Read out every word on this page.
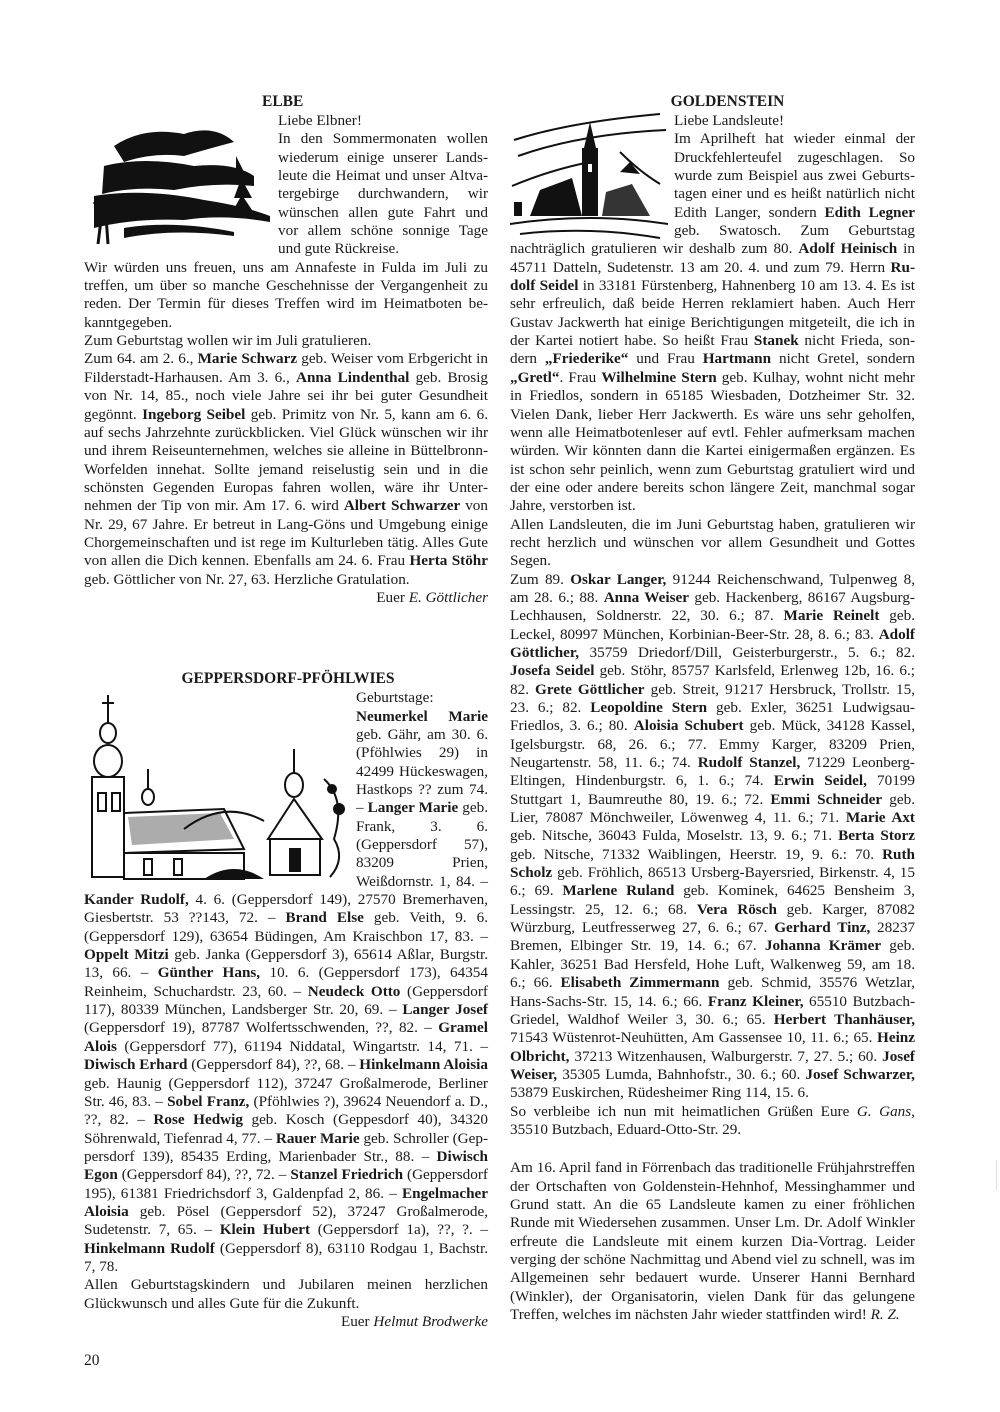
ELBE

Liebe Elbner!

In den Sommermonaten wollen wiederum einige unserer Landsleute die Heimat und unser Altvatergebirge durchwandern, wir wünschen allen gute Fahrt und vor allem schöne sonnige Tage und gute Rückreise.

Wir würden uns freuen, uns am Annafeste in Fulda im Juli zu treffen, um über so manche Geschehnisse der Vergangenheit zu reden. Der Termin für dieses Treffen wird im Heimatboten bekanntgegeben.

Zum Geburtstag wollen wir im Juli gratulieren.

Zum 64. am 2. 6., Marie Schwarz geb. Weiser vom Erbgericht in Filderstadt-Harhausen. Am 3. 6., Anna Lindenthal geb. Brosig von Nr. 14, 85., noch viele Jahre sei ihr bei guter Gesundheit gegönnt. Ingeborg Seibel geb. Primitz von Nr. 5, kann am 6. 6. auf sechs Jahrzehnte zurückblicken. Viel Glück wünschen wir ihr und ihrem Reiseunternehmen, welches sie alleine in Büttelbronn-Worfelden innehat. Sollte jemand reiselustig sein und in die schönsten Gegenden Europas fahren wollen, wäre ihr Unternehmen der Tip von mir. Am 17. 6. wird Albert Schwarzer von Nr. 29, 67 Jahre. Er betreut in Lang-Göns und Umgebung einige Chorgemeinschaften und ist rege im Kulturleben tätig. Alles Gute von allen die Dich kennen. Ebenfalls am 24. 6. Frau Herta Stöhr geb. Göttlicher von Nr. 27, 63. Herzliche Gratulation.

Euer E. Göttlicher

GEPPERSDORF-PFÖHLWIES

Geburtstage:

Neumerkel Marie geb. Gähr, am 30. 6. (Pföhlwies 29) in 42499 Hückeswagen, Hastkops ?? zum 74. – Langer Marie geb. Frank, 3. 6. (Geppersdorf 57), 83209 Prien, Weißdornstr. 1, 84. – Kander Rudolf, 4. 6. (Geppersdorf 149), 27570 Bremerhaven, Giesbertstr. 53 ??143, 72. – Brand Else geb. Veith, 9. 6. (Geppersdorf 129), 63654 Büdingen, Am Kraischbon 17, 83. – Oppelt Mitzi geb. Janka (Geppersdorf 3), 65614 Aßlar, Burgstr. 13, 66. – Günther Hans, 10. 6. (Geppersdorf 173), 64354 Reinheim, Schuchardstr. 23, 60. – Neudeck Otto (Geppersdorf 117), 80339 München, Landsberger Str. 20, 69. – Langer Josef (Geppersdorf 19), 87787 Wolfertsschwenden, ??, 82. – Gramel Alois (Geppersdorf 77), 61194 Niddatal, Wingartstr. 14, 71. – Diwisch Erhard (Geppersdorf 84), ??, 68. – Hinkelmann Aloisia geb. Haunig (Geppersdorf 112), 37247 Großalmerode, Berliner Str. 46, 83. – Sobel Franz, (Pföhlwies ?), 39624 Neuendorf a. D., ??, 82. – Rose Hedwig geb. Kosch (Geppesdorf 40), 34320 Söhrenwald, Tiefenrad 4, 77. – Rauer Marie geb. Schroller (Geppersdorf 139), 85435 Erding, Marienbader Str., 88. – Diwisch Egon (Geppersdorf 84), ??, 72. – Stanzel Friedrich (Geppersdorf 195), 61381 Friedrichsdorf 3, Galdenpfad 2, 86. – Engelmacher Aloisia geb. Pösel (Geppersdorf 52), 37247 Großalmerode, Sudetenstr. 7, 65. – Klein Hubert (Geppersdorf 1a), ??, ?. – Hinkelmann Rudolf (Geppersdorf 8), 63110 Rodgau 1, Bachstr. 7, 78.

Allen Geburtstagskindern und Jubilaren meinen herzlichen Glückwunsch und alles Gute für die Zukunft.

Euer Helmut Brodwerke

GOLDENSTEIN

Liebe Landsleute!

Im Aprilheft hat wieder einmal der Druckfehlerteufel zugeschlagen. So wurde zum Beispiel aus zwei Geburtstagen einer und es heißt natürlich nicht Edith Langer, sondern Edith Legner geb. Swatosch. Zum Geburtstag nachträglich gratulieren wir deshalb zum 80. Adolf Heinisch in 45711 Datteln, Sudetenstr. 13 am 20. 4. und zum 79. Herrn Rudolf Seidel in 33181 Fürstenberg, Hahnenberg 10 am 13. 4. Es ist sehr erfreulich, daß beide Herren reklamiert haben. Auch Herr Gustav Jackwerth hat einige Berichtigungen mitgeteilt, die ich in der Kartei notiert habe. So heißt Frau Stanek nicht Frieda, sondern „Friederike“ und Frau Hartmann nicht Gretel, sondern „Gretl“. Frau Wilhelmine Stern geb. Kulhay, wohnt nicht mehr in Friedlos, sondern in 65185 Wiesbaden, Dotzheimer Str. 32. Vielen Dank, lieber Herr Jackwerth. Es wäre uns sehr geholfen, wenn alle Heimatbotenleser auf evtl. Fehler aufmerksam machen würden. Wir könnten dann die Kartei einigermaßen ergänzen. Es ist schon sehr peinlich, wenn zum Geburtstag gratuliert wird und der eine oder andere bereits schon längere Zeit, manchmal sogar Jahre, verstorben ist.

Allen Landsleuten, die im Juni Geburtstag haben, gratulieren wir recht herzlich und wünschen vor allem Gesundheit und Gottes Segen.

Zum 89. Oskar Langer, 91244 Reichenschwand, Tulpenweg 8, am 28. 6.; 88. Anna Weiser geb. Hackenberg, 86167 Augsburg-Lechhausen, Soldnerstr. 22, 30. 6.; 87. Marie Reinelt geb. Leckel, 80997 München, Korbinian-Beer-Str. 28, 8. 6.; 83. Adolf Göttlicher, 35759 Driedorf/Dill, Geisterburgerstr., 5. 6.; 82. Josefa Seidel geb. Stöhr, 85757 Karlsfeld, Erlenweg 12b, 16. 6.; 82. Grete Göttlicher geb. Streit, 91217 Hersbruck, Trollstr. 15, 23. 6.; 82. Leopoldine Stern geb. Exler, 36251 Ludwigsau-Friedlos, 3. 6.; 80. Aloisia Schubert geb. Mück, 34128 Kassel, Igelsburgstr. 68, 26. 6.; 77. Emmy Karger, 83209 Prien, Neugartenstr. 58, 11. 6.; 74. Rudolf Stanzel, 71229 Leonberg-Eltingen, Hindenburgstr. 6, 1. 6.; 74. Erwin Seidel, 70199 Stuttgart 1, Baumreuthe 80, 19. 6.; 72. Emmi Schneider geb. Lier, 78087 Mönchweiler, Löwenweg 4, 11. 6.; 71. Marie Axt geb. Nitsche, 36043 Fulda, Moselstr. 13, 9. 6.; 71. Berta Storz geb. Nitsche, 71332 Waiblingen, Heerstr. 19, 9. 6.: 70. Ruth Scholz geb. Fröhlich, 86513 Ursberg-Bayersried, Birkenstr. 4, 15 6.; 69. Marlene Ruland geb. Kominek, 64625 Bensheim 3, Lessingstr. 25, 12. 6.; 68. Vera Rösch geb. Karger, 87082 Würzburg, Leutfresserweg 27, 6. 6.; 67. Gerhard Tinz, 28237 Bremen, Elbinger Str. 19, 14. 6.; 67. Johanna Krämer geb. Kahler, 36251 Bad Hersfeld, Hohe Luft, Walkenweg 59, am 18. 6.; 66. Elisabeth Zimmermann geb. Schmid, 35576 Wetzlar, Hans-Sachs-Str. 15, 14. 6.; 66. Franz Kleiner, 65510 Butzbach-Griedel, Waldhof Weiler 3, 30. 6.; 65. Herbert Thanhäuser, 71543 Wüstenrot-Neuhütten, Am Gassensee 10, 11. 6.; 65. Heinz Olbricht, 37213 Witzenhausen, Walburgerstr. 7, 27. 5.; 60. Josef Weiser, 35305 Lumda, Bahnhofstr., 30. 6.; 60. Josef Schwarzer, 53879 Euskirchen, Rüdesheimer Ring 114, 15. 6.

So verbleibe ich nun mit heimatlichen Grüßen Eure G. Gans, 35510 Butzbach, Eduard-Otto-Str. 29.

Am 16. April fand in Förrenbach das traditionelle Frühjahrstreffen der Ortschaften von Goldenstein-Hehnhof, Messinghammer und Grund statt. An die 65 Landsleute kamen zu einer fröhlichen Runde mit Wiedersehen zusammen. Unser Lm. Dr. Adolf Winkler erfreute die Landsleute mit einem kurzen Dia-Vortrag. Leider verging der schöne Nachmittag und Abend viel zu schnell, was im Allgemeinen sehr bedauert wurde. Unserer Hanni Bernhard (Winkler), der Organisatorin, vielen Dank für das gelungene Treffen, welches im nächsten Jahr wieder stattfinden wird! R. Z.

20
